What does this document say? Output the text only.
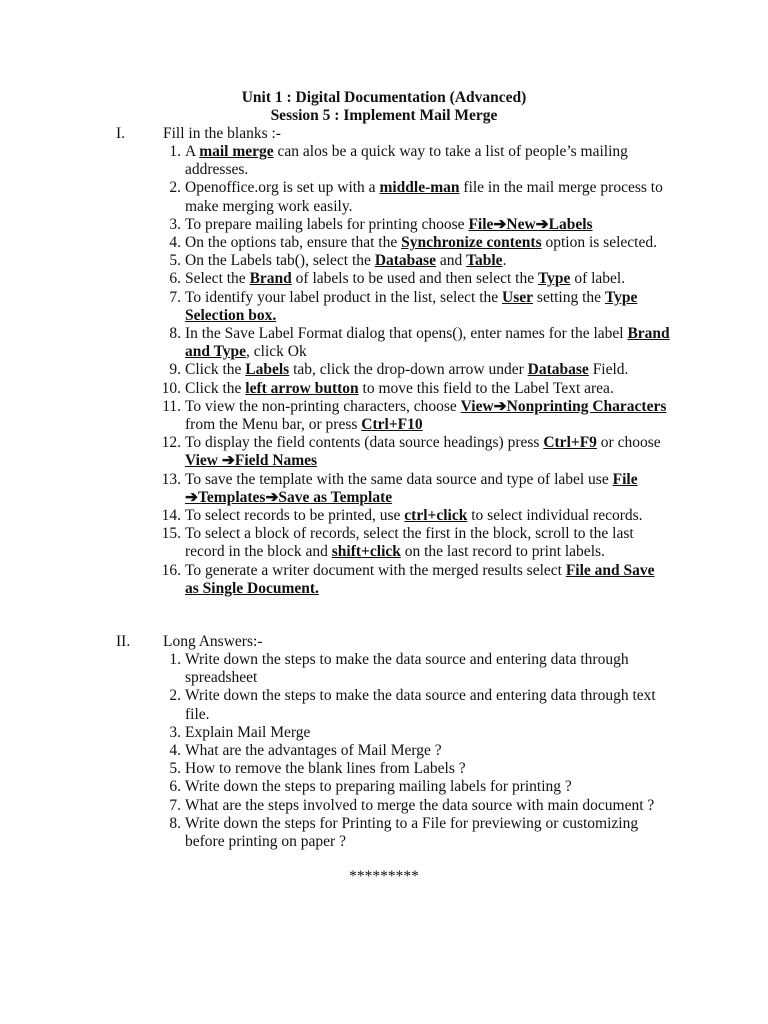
Unit 1 : Digital Documentation (Advanced)
Session 5 : Implement Mail Merge
I. Fill in the blanks :-
1. A mail merge can alos be a quick way to take a list of people’s mailing addresses.
2. Openoffice.org is set up with a middle-man file in the mail merge process to make merging work easily.
3. To prepare mailing labels for printing choose File➔New➔Labels
4. On the options tab, ensure that the Synchronize contents option is selected.
5. On the Labels tab(), select the Database and Table.
6. Select the Brand of labels to be used and then select the Type of label.
7. To identify your label product in the list, select the User setting the Type Selection box.
8. In the Save Label Format dialog that opens(), enter names for the label Brand and Type, click Ok
9. Click the Labels tab, click the drop-down arrow under Database Field.
10. Click the left arrow button to move this field to the Label Text area.
11. To view the non-printing characters, choose View➔Nonprinting Characters from the Menu bar, or press Ctrl+F10
12. To display the field contents (data source headings) press Ctrl+F9 or choose View ➔Field Names
13. To save the template with the same data source and type of label use File ➔Templates➔Save as Template
14. To select records to be printed, use ctrl+click to select individual records.
15. To select a block of records, select the first in the block, scroll to the last record in the block and shift+click on the last record to print labels.
16. To generate a writer document with the merged results select File and Save as Single Document.
II. Long Answers:-
1. Write down the steps to make the data source and entering data through spreadsheet
2. Write down the steps to make the data source and entering data through text file.
3. Explain Mail Merge
4. What are the advantages of Mail Merge ?
5. How to remove the blank lines from Labels ?
6. Write down the steps to preparing mailing labels for printing ?
7. What are the steps involved to merge the data source with main document ?
8. Write down the steps for Printing to a File for previewing or customizing before printing on paper ?
*********
